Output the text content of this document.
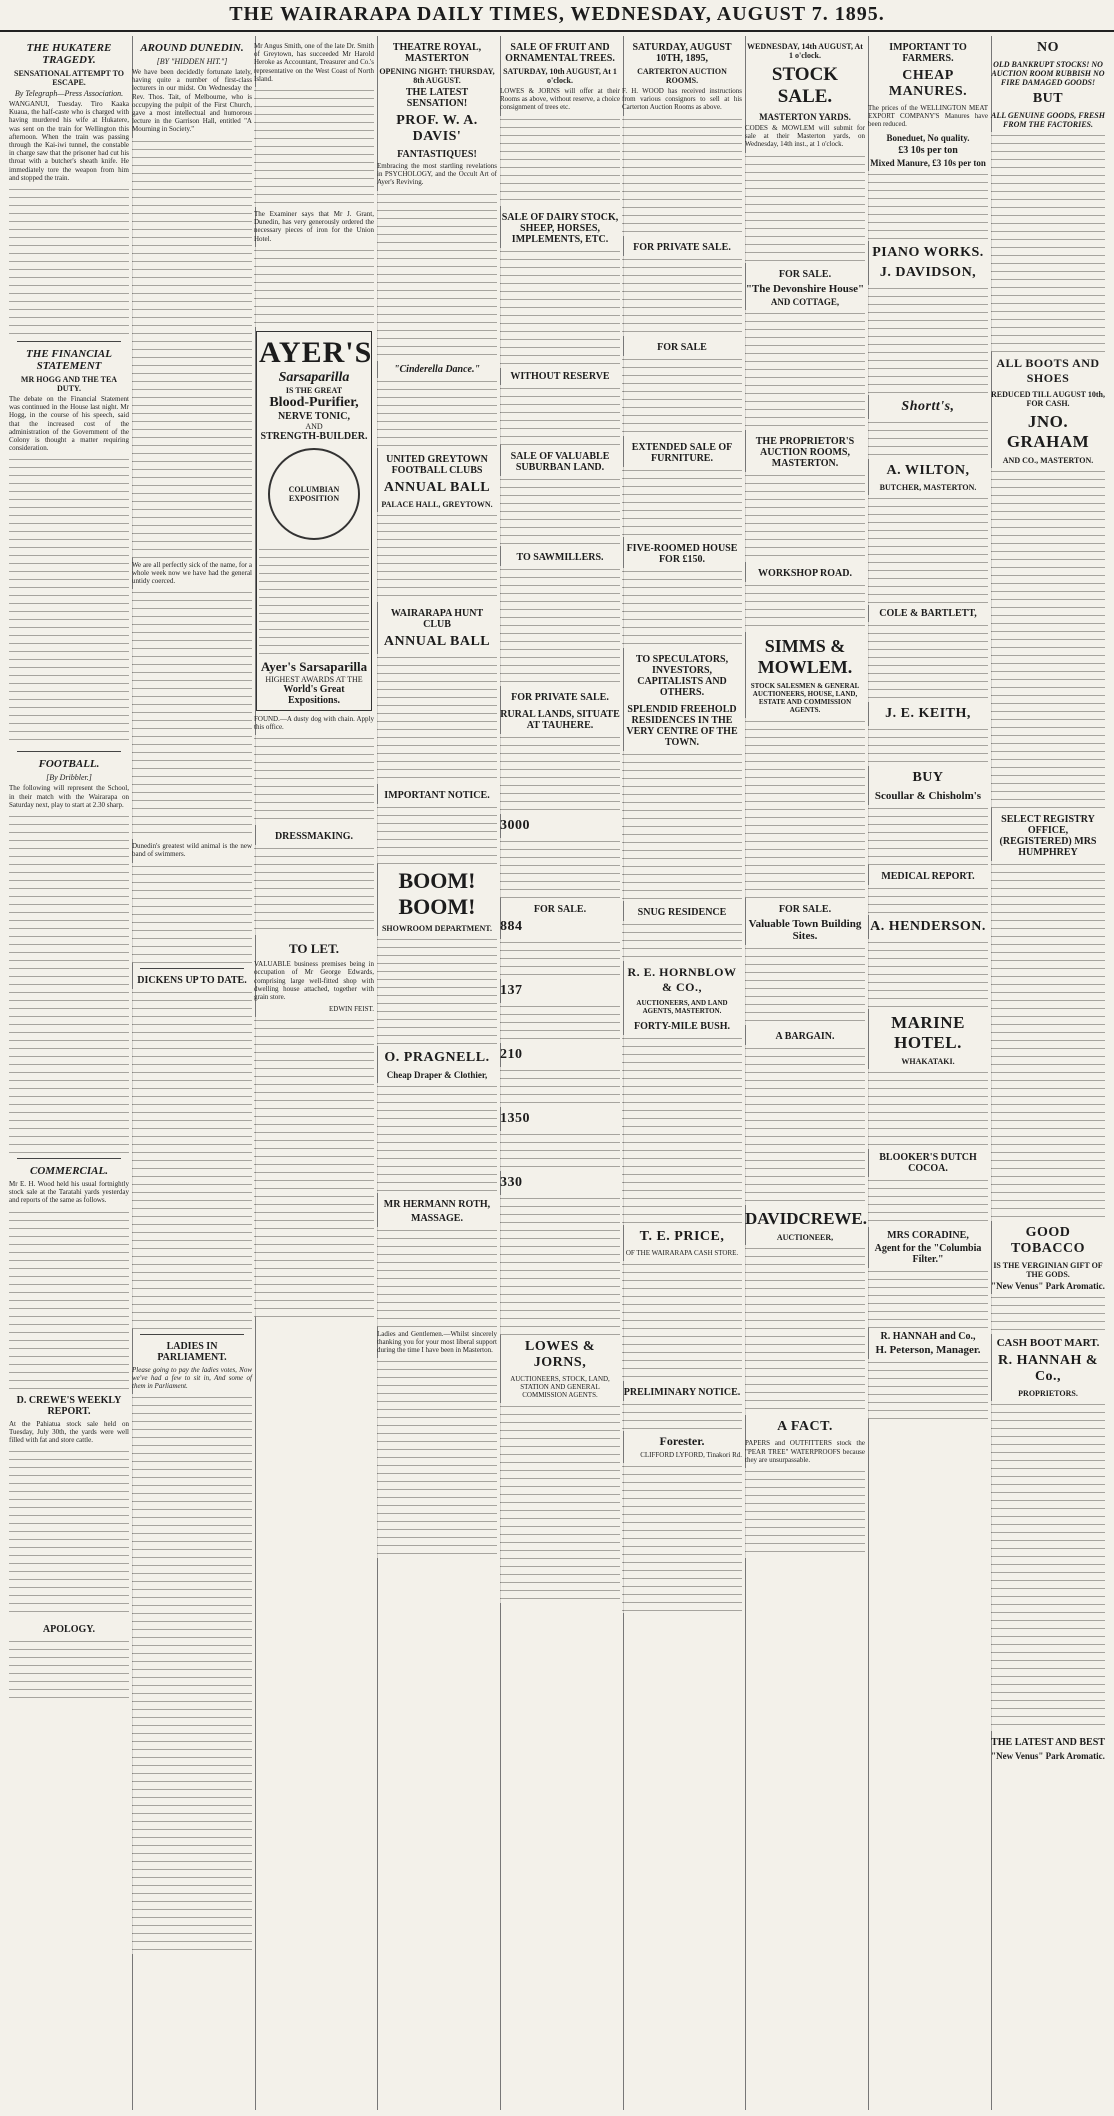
THE WAIRARAPA DAILY TIMES, WEDNESDAY, AUGUST 7. 1895.
THE HUKATERE TRAGEDY.
SENSATIONAL ATTEMPT TO ESCAPE.
By Telegraph—Press Association.
WANGANUI, Tuesday. Tiro Kaaka Kuaua, the half-caste who is charged with having murdered his wife at Hukatere, was sent on the train for Wellington this afternoon. When the train was passing through the Kai-iwi tunnel, the constable in charge saw that the prisoner had cut his throat with a butcher's sheath knife. He immediately tore the weapon from him and stopped the train.
THE FINANCIAL STATEMENT
MR HOGG AND THE TEA DUTY.
The debate on the Financial Statement was continued in the House last night. Mr Hogg, in the course of his speech, said that the increased cost of the administration of the Government of the Colony is thought a matter requiring consideration.
FOOTBALL.
[By Dribbler.]
The following will represent the School, in their match with the Wairarapa on Saturday next, play to start at 2.30 sharp.
COMMERCIAL.
Mr E. H. Wood held his usual fortnightly stock sale at the Taratahi yards yesterday and reports of the same as follows.
D. CREWE'S WEEKLY REPORT.
At the Pahiatua stock sale held on Tuesday, July 30th, the yards were well filled with fat and store cattle.
APOLOGY.
AROUND DUNEDIN.
[BY "HIDDEN HIT."]
We have been decidedly fortunate lately, having quite a number of first-class lecturers in our midst. On Wednesday the Rev. Thos. Tait, of Melbourne, who is occupying the pulpit of the First Church, gave a most intellectual and humorous lecture in the Garrison Hall, entitled "A Mourning in Society."
We are all perfectly sick of the name, for a whole week now we have had the general untidy coerced.
Dunedin's greatest wild animal is the new band of swimmers.
DICKENS UP TO DATE.
LADIES IN PARLIAMENT.
Please going to pay the ladies votes, Now we've had a few to sit in, And some of them in Parliament.
Mr Angus Smith, one of the late Dr. Smith of Greytown, has succeeded Mr Harold Heroke as Accountant, Treasurer and Co.'s representative on the West Coast of North Island.
The Examiner says that Mr J. Grant, Dunedin, has very generously ordered the necessary pieces of iron for the Union Hotel.
AYER'S
Sarsaparilla
IS THE GREAT
Blood-Purifier,
NERVE TONIC,
AND
STRENGTH-BUILDER.
COLUMBIAN EXPOSITION
Ayer's Sarsaparilla
HIGHEST AWARDS AT THE
World's Great Expositions.
FOUND.—A dusty dog with chain. Apply this office.
DRESSMAKING.
TO LET.
VALUABLE business premises being in occupation of Mr George Edwards, comprising large well-fitted shop with dwelling house attached, together with grain store.
EDWIN FEIST.
THEATRE ROYAL, MASTERTON
OPENING NIGHT: THURSDAY, 8th AUGUST.
THE LATEST SENSATION!
PROF. W. A. DAVIS'
FANTASTIQUES!
Embracing the most startling revelations in PSYCHOLOGY, and the Occult Art of Ayer's Reviving.
"Cinderella Dance."
UNITED GREYTOWN FOOTBALL CLUBS
ANNUAL BALL
PALACE HALL, GREYTOWN.
WAIRARAPA HUNT CLUB
ANNUAL BALL
IMPORTANT NOTICE.
BOOM! BOOM!
SHOWROOM DEPARTMENT.
O. PRAGNELL.
Cheap Draper & Clothier,
MR HERMANN ROTH,
MASSAGE.
Ladies and Gentlemen.—Whilst sincerely thanking you for your most liberal support during the time I have been in Masterton.
SALE OF FRUIT AND ORNAMENTAL TREES.
SATURDAY, 10th AUGUST, At 1 o'clock.
LOWES & JORNS will offer at their Rooms as above, without reserve, a choice consignment of trees etc.
SALE OF DAIRY STOCK, SHEEP, HORSES, IMPLEMENTS, ETC.
WITHOUT RESERVE
SALE OF VALUABLE SUBURBAN LAND.
TO SAWMILLERS.
FOR PRIVATE SALE.
RURAL LANDS, SITUATE AT TAUHERE.
3000
FOR SALE.
884
137
210
1350
330
LOWES & JORNS,
AUCTIONEERS, STOCK, LAND, STATION AND GENERAL COMMISSION AGENTS.
SATURDAY, AUGUST 10TH, 1895,
CARTERTON AUCTION ROOMS.
F. H. WOOD has received instructions from various consignors to sell at his Carterton Auction Rooms as above.
FOR PRIVATE SALE.
FOR SALE
EXTENDED SALE OF FURNITURE.
FIVE-ROOMED HOUSE FOR £150.
TO SPECULATORS, INVESTORS, CAPITALISTS AND OTHERS.
SPLENDID FREEHOLD RESIDENCES IN THE VERY CENTRE OF THE TOWN.
SNUG RESIDENCE
R. E. HORNBLOW & CO.,
AUCTIONEERS, AND LAND AGENTS, MASTERTON.
FORTY-MILE BUSH.
T. E. PRICE,
OF THE WAIRARAPA CASH STORE.
PRELIMINARY NOTICE.
Forester.
CLIFFORD LYFORD, Tinakori Rd.
WEDNESDAY, 14th AUGUST, At 1 o'clock.
STOCK SALE.
MASTERTON YARDS.
CODES & MOWLEM will submit for sale at their Masterton yards, on Wednesday, 14th inst., at 1 o'clock.
FOR SALE.
"The Devonshire House"
AND COTTAGE,
THE PROPRIETOR'S AUCTION ROOMS, MASTERTON.
WORKSHOP ROAD.
SIMMS & MOWLEM.
STOCK SALESMEN & GENERAL AUCTIONEERS, HOUSE, LAND, ESTATE AND COMMISSION AGENTS.
FOR SALE.
Valuable Town Building Sites.
A BARGAIN.
DAVIDCREWE.
AUCTIONEER,
A FACT.
PAPERS and OUTFITTERS stock the "PEAR TREE" WATERPROOFS because they are unsurpassable.
IMPORTANT TO FARMERS.
CHEAP MANURES.
The prices of the WELLINGTON MEAT EXPORT COMPANY'S Manures have been reduced.
Boneduet, No quality.
£3 10s per ton
Mixed Manure, £3 10s per ton
PIANO WORKS.
J. DAVIDSON,
Shortt's,
A. WILTON,
BUTCHER, MASTERTON.
COLE & BARTLETT,
J. E. KEITH,
BUY
Scoullar & Chisholm's
MEDICAL REPORT.
A. HENDERSON.
MARINE HOTEL.
WHAKATAKI.
BLOOKER'S DUTCH COCOA.
MRS CORADINE,
Agent for the "Columbia Filter."
R. HANNAH and Co.,
H. Peterson, Manager.
NO
OLD BANKRUPT STOCKS! NO AUCTION ROOM RUBBISH NO FIRE DAMAGED GOODS!
BUT
ALL GENUINE GOODS, FRESH FROM THE FACTORIES.
ALL BOOTS AND SHOES
REDUCED TILL AUGUST 10th, FOR CASH.
JNO. GRAHAM
AND CO., MASTERTON.
SELECT REGISTRY OFFICE, (REGISTERED) MRS HUMPHREY
GOOD TOBACCO
IS THE VERGINIAN GIFT OF THE GODS.
"New Venus" Park Aromatic.
CASH BOOT MART.
R. HANNAH & Co.,
PROPRIETORS.
THE LATEST AND BEST
"New Venus" Park Aromatic.
